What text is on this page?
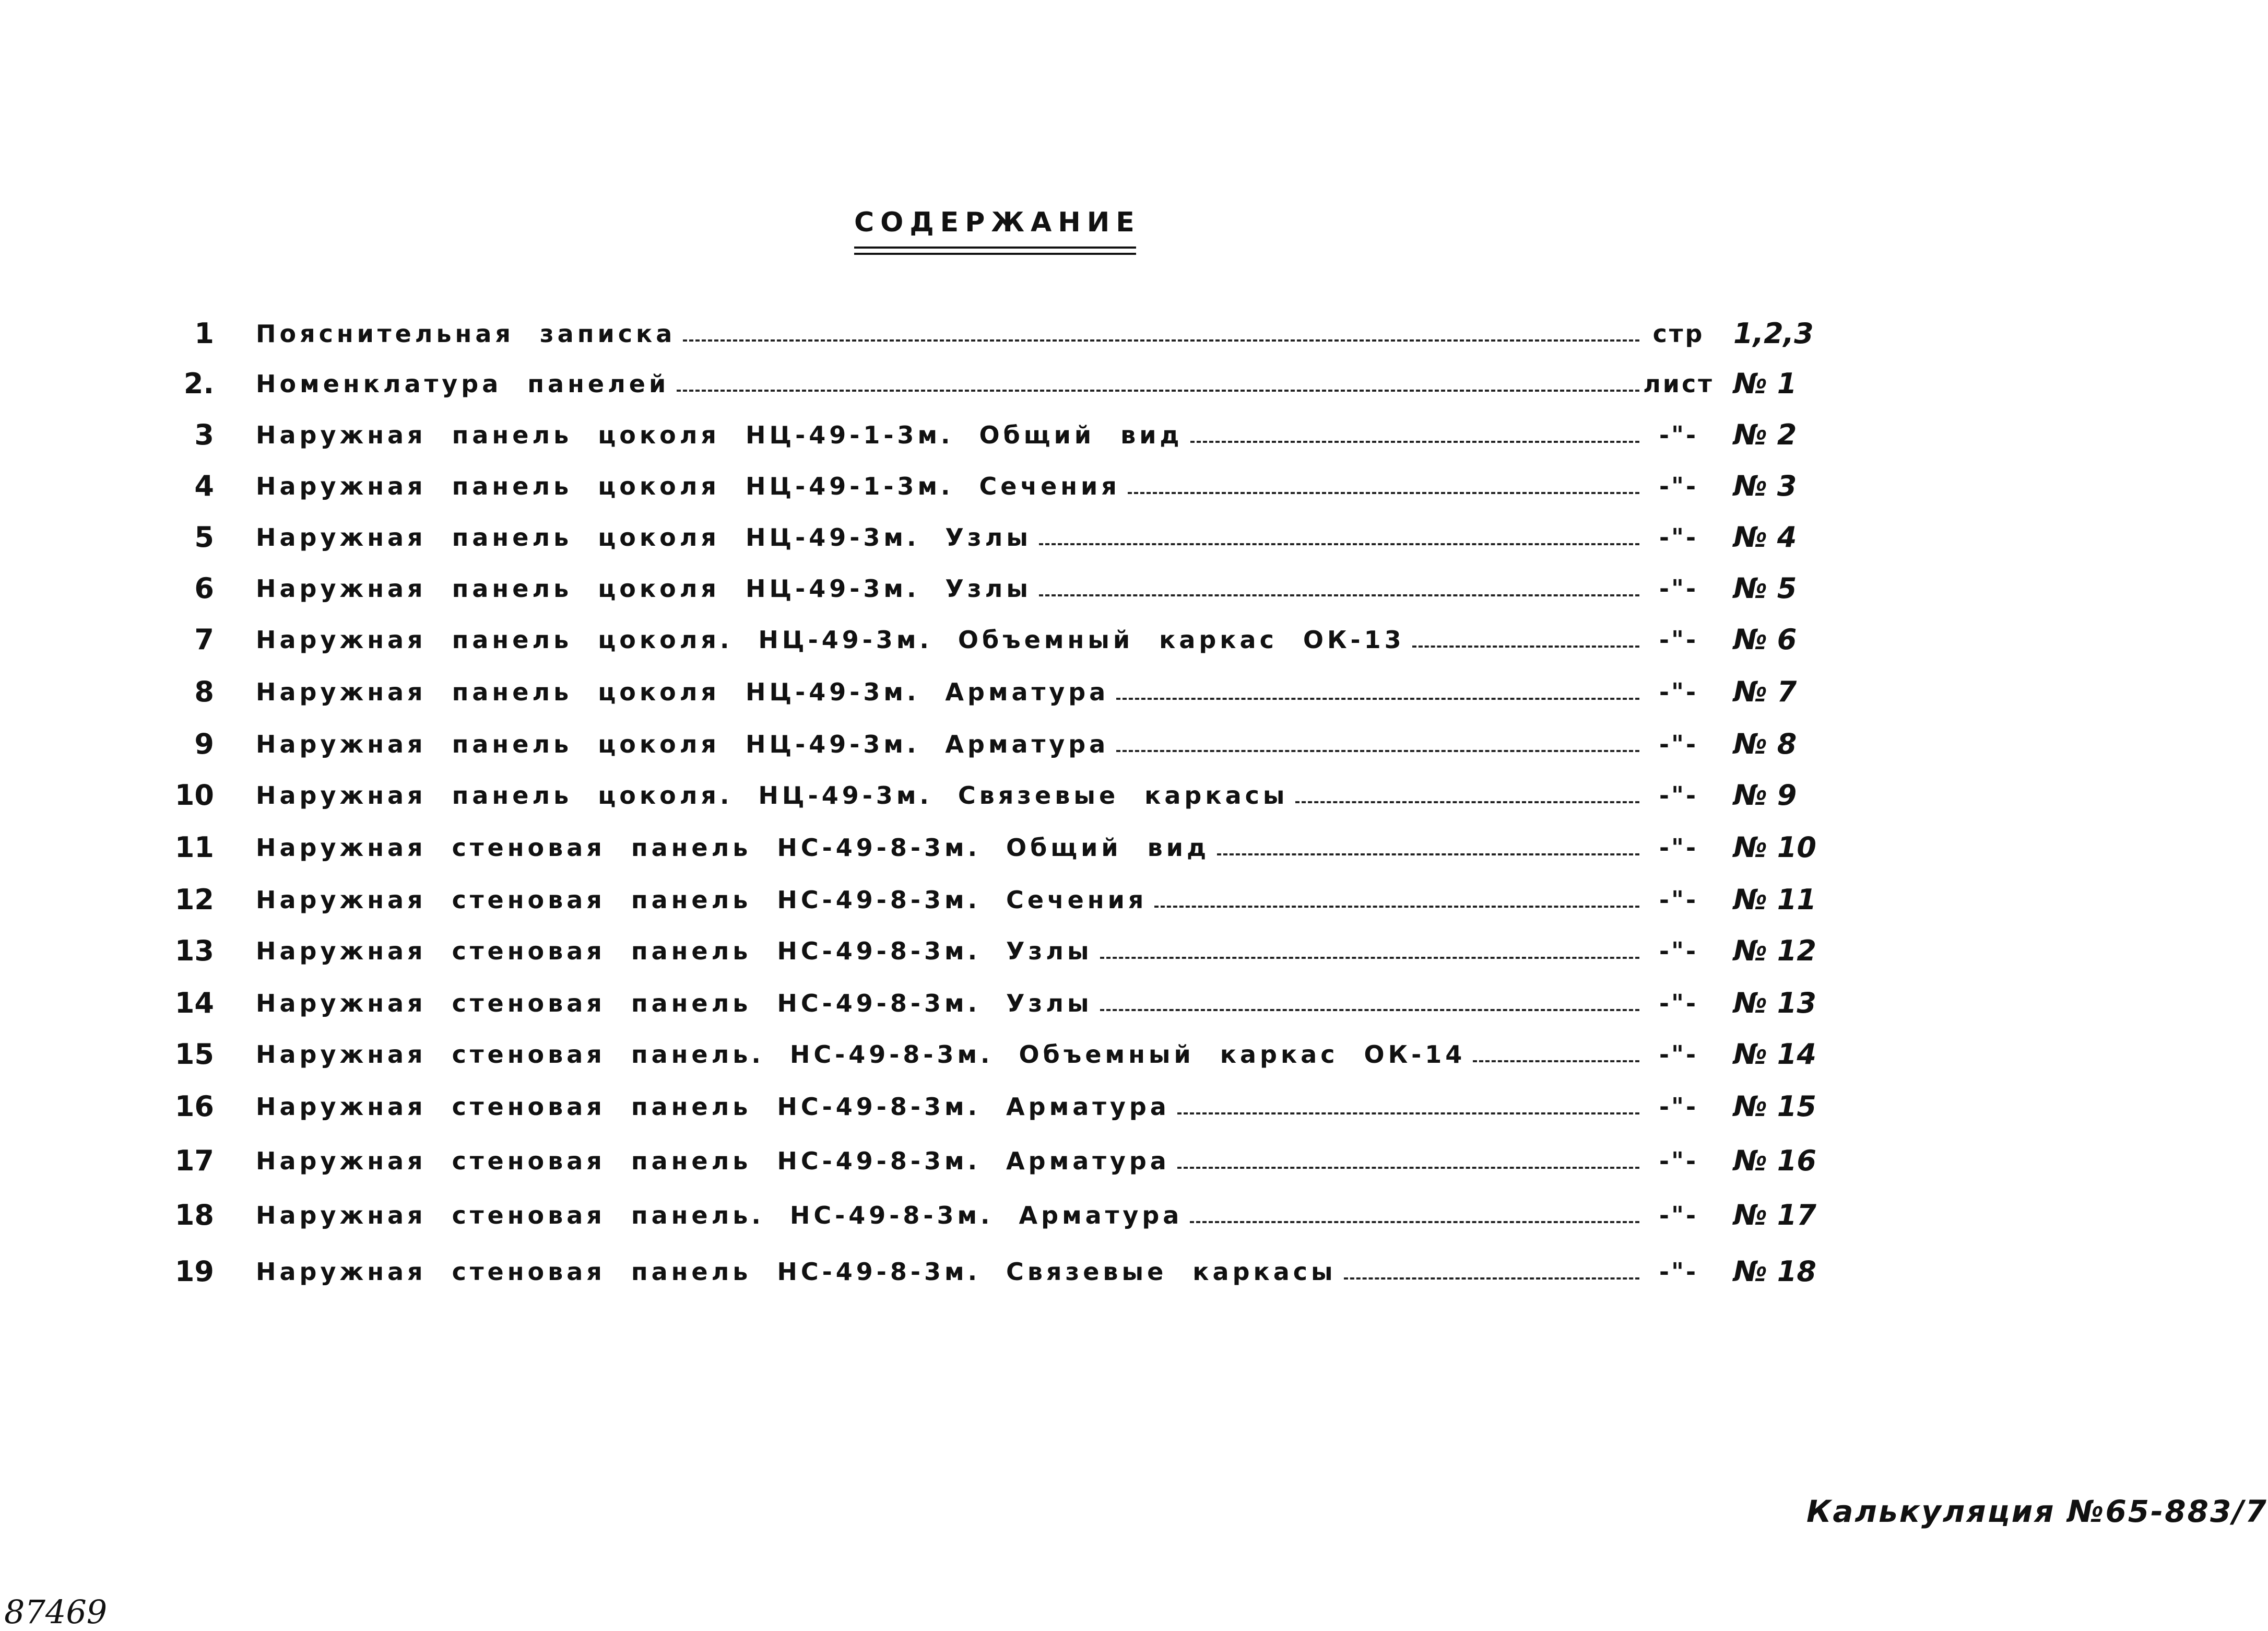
СОДЕРЖАНИЕ
1 Пояснительная записка	стр	1,2,3
2. Номенклатура панелей	лист № 1
3 Наружная панель цоколя НЦ-49-1-3м. Общий вид	-"-	№ 2
4 Наружная панель цоколя НЦ-49-1-3м. Сечения	-"-	№ 3
5 Наружная панель цоколя НЦ-49-3м. Узлы	-"-	№ 4
6 Наружная панель цоколя НЦ-49-3м. Узлы	-"-	№ 5
7 Наружная панель цоколя. НЦ-49-3м. Объемный каркас ОК-13	-"-	№ 6
8 Наружная панель цоколя НЦ-49-3м. Арматура	-"-	№ 7
9 Наружная панель цоколя НЦ-49-3м. Арматура	-"-	№ 8
10 Наружная панель цоколя. НЦ-49-3м. Связевые каркасы	-"-	№ 9
11 Наружная стеновая панель НС-49-8-3м. Общий вид	-"-	№ 10
12 Наружная стеновая панель НС-49-8-3м. Сечения	-"-	№ 11
13 Наружная стеновая панель НС-49-8-3м. Узлы	-"-	№ 12
14 Наружная стеновая панель НС-49-8-3м. Узлы	-"-	№ 13
15 Наружная стеновая панель. НС-49-8-3м. Объемный каркас ОК-14	-"-	№ 14
16 Наружная стеновая панель НС-49-8-3м. Арматура	-"-	№ 15
17 Наружная стеновая панель НС-49-8-3м. Арматура	-"-	№ 16
18 Наружная стеновая панель. НС-49-8-3м. Арматура	-"-	№ 17
19 Наружная стеновая панель НС-49-8-3м. Связевые каркасы	-"-	№ 18
Калькуляция №65-883/7
87469
